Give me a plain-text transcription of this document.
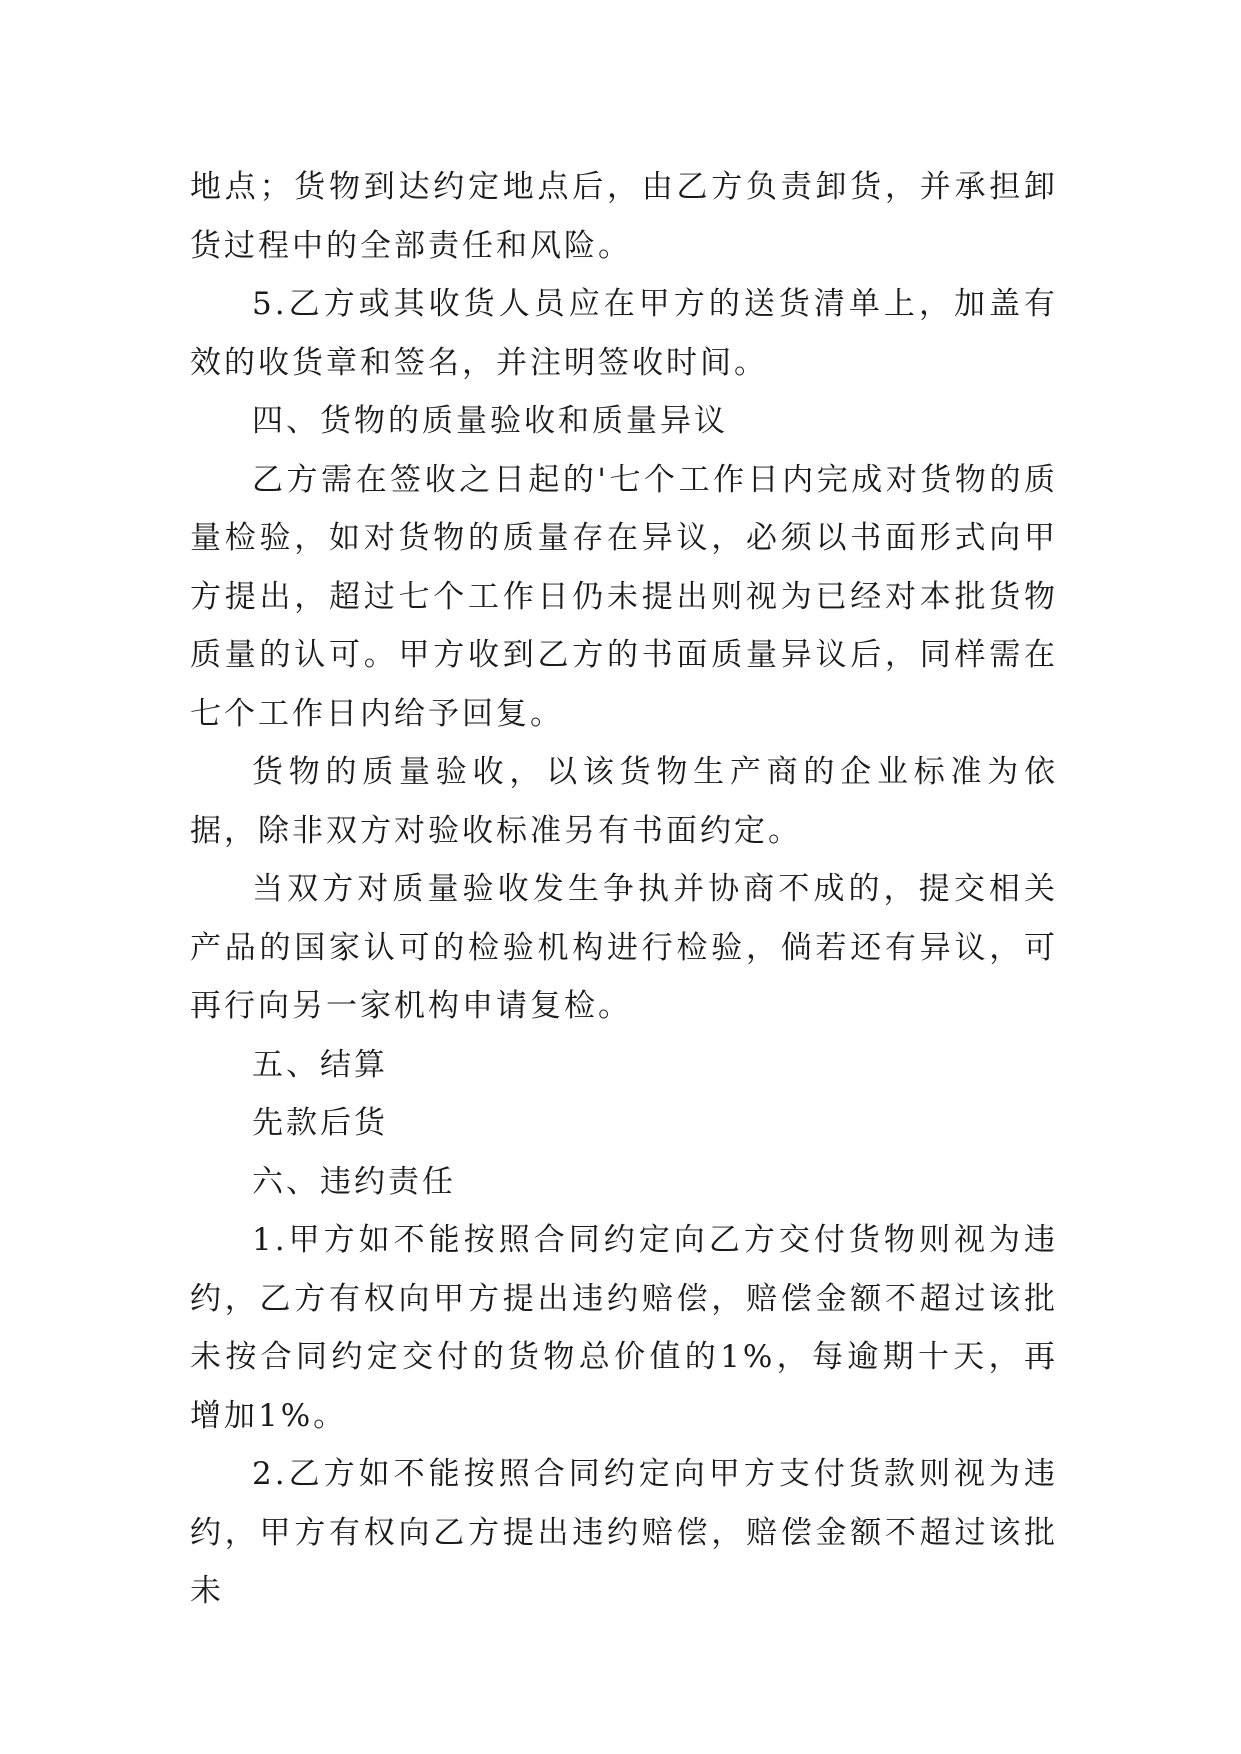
地点；货物到达约定地点后，由乙方负责卸货，并承担卸货过程中的全部责任和风险。

5.乙方或其收货人员应在甲方的送货清单上，加盖有效的收货章和签名，并注明签收时间。

四、货物的质量验收和质量异议

乙方需在签收之日起的'七个工作日内完成对货物的质量检验，如对货物的质量存在异议，必须以书面形式向甲方提出，超过七个工作日仍未提出则视为已经对本批货物质量的认可。甲方收到乙方的书面质量异议后，同样需在七个工作日内给予回复。

货物的质量验收，以该货物生产商的企业标准为依据，除非双方对验收标准另有书面约定。

当双方对质量验收发生争执并协商不成的，提交相关产品的国家认可的检验机构进行检验，倘若还有异议，可再行向另一家机构申请复检。

五、结算

先款后货

六、违约责任

1.甲方如不能按照合同约定向乙方交付货物则视为违约，乙方有权向甲方提出违约赔偿，赔偿金额不超过该批未按合同约定交付的货物总价值的1%，每逾期十天，再增加1%。

2.乙方如不能按照合同约定向甲方支付货款则视为违约，甲方有权向乙方提出违约赔偿，赔偿金额不超过该批未
